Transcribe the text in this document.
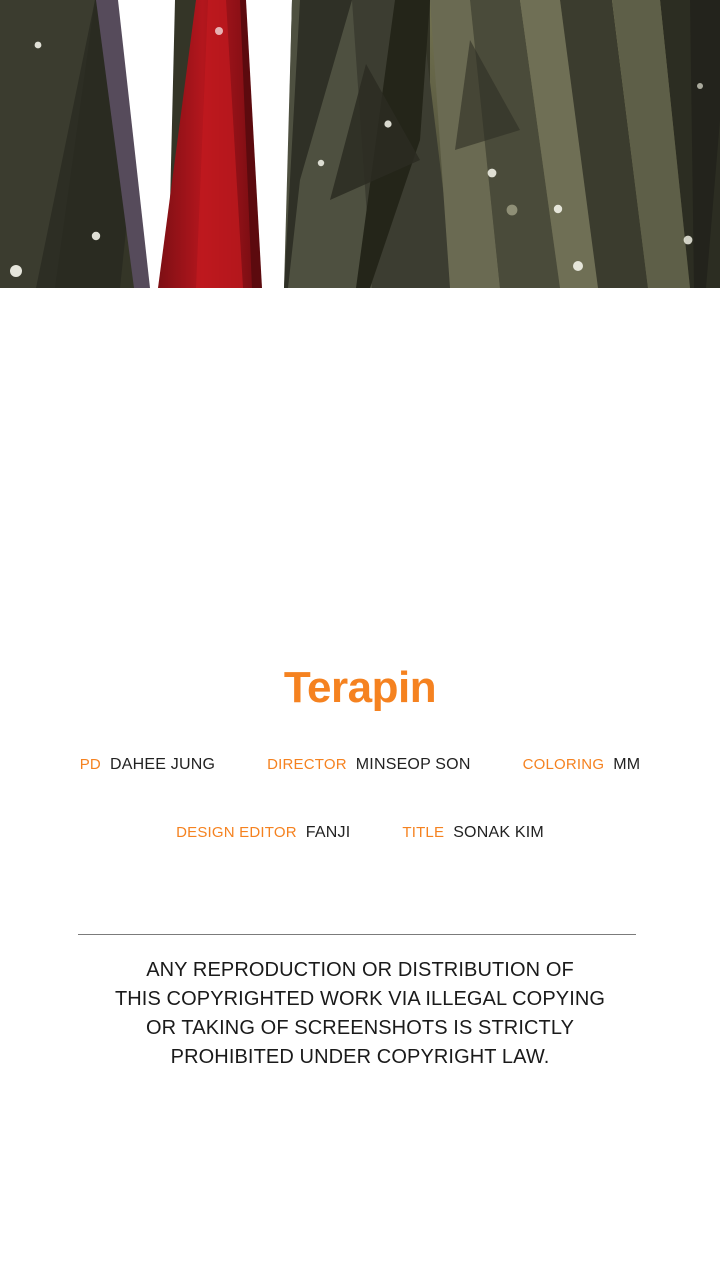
Terapin
PD DAHEE JUNG	DIRECTOR MINSEOP SON	COLORING MM
DESIGN EDITOR FANJI	TITLE SONAK KIM
ANY REPRODUCTION OR DISTRIBUTION OF
THIS COPYRIGHTED WORK VIA ILLEGAL COPYING
OR TAKING OF SCREENSHOTS IS STRICTLY
PROHIBITED UNDER COPYRIGHT LAW.
